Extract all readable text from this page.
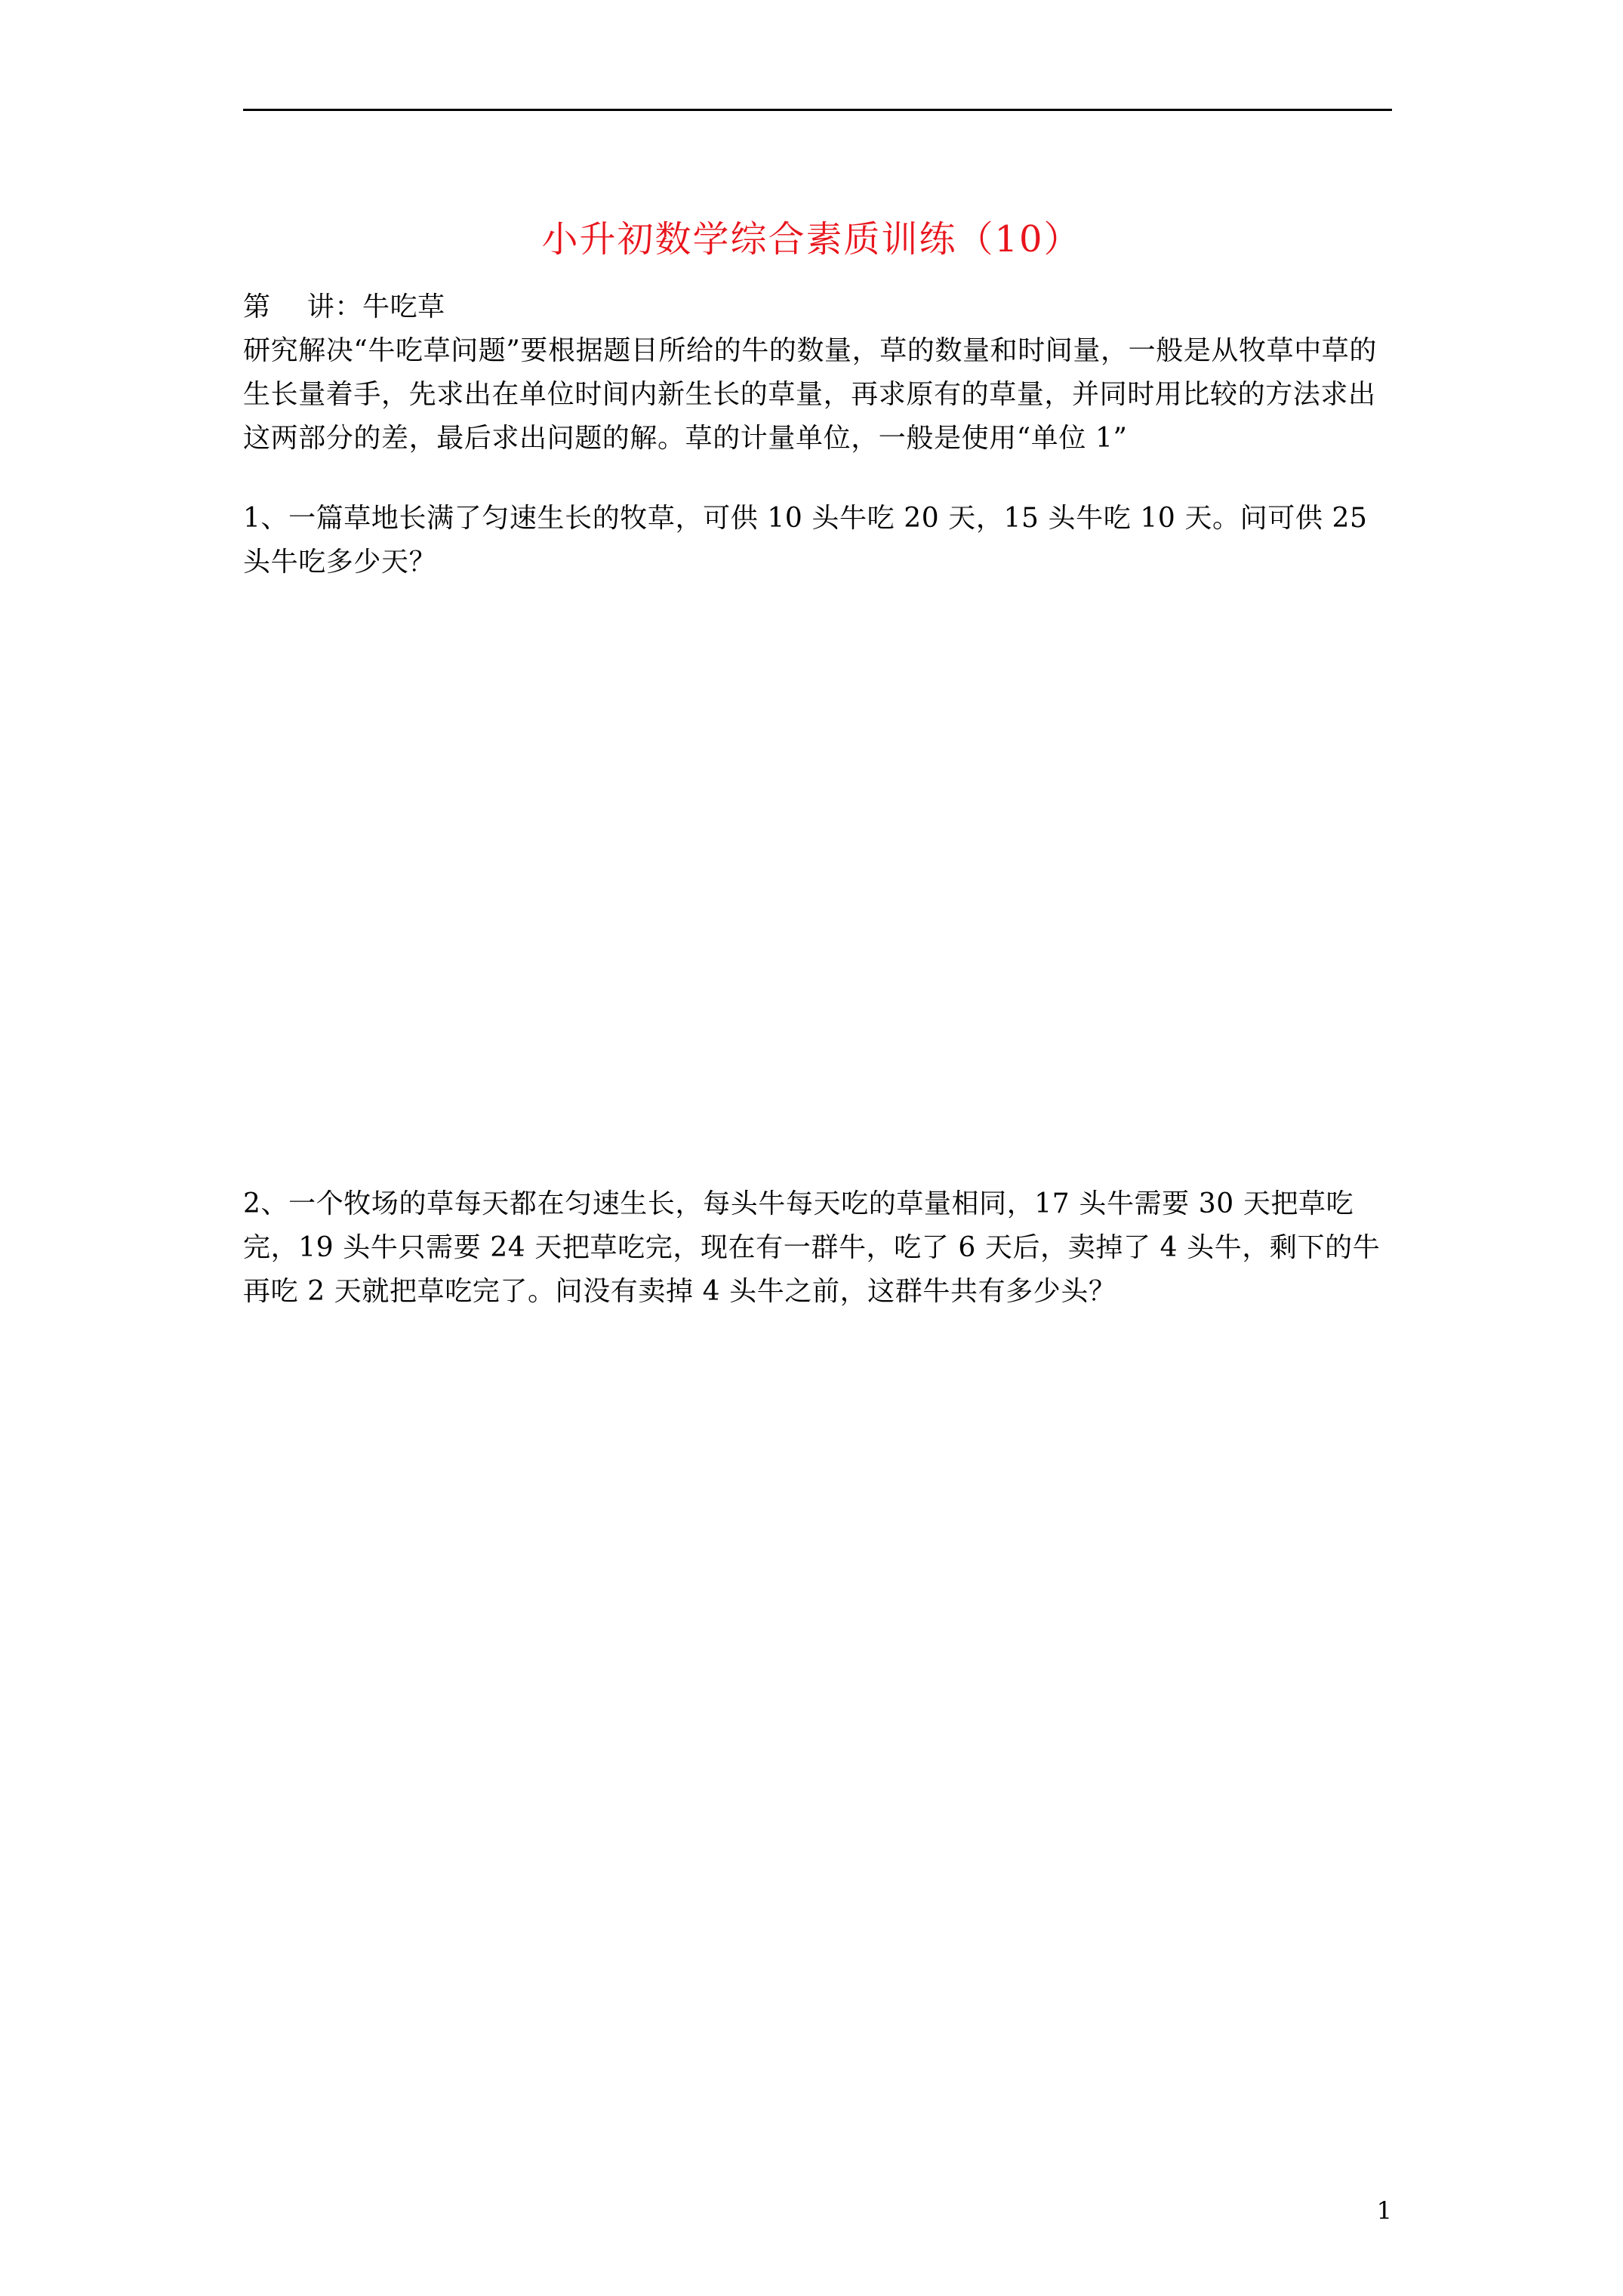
小升初数学综合素质训练（10）
第    讲：牛吃草
研究解决“牛吃草问题”要根据题目所给的牛的数量，草的数量和时间量，一般是从牧草中草的生长量着手，先求出在单位时间内新生长的草量，再求原有的草量，并同时用比较的方法求出这两部分的差，最后求出问题的解。草的计量单位，一般是使用“单位 1”
1、一篇草地长满了匀速生长的牧草，可供 10 头牛吃 20 天，15 头牛吃 10 天。问可供 25 头牛吃多少天？
2、一个牧场的草每天都在匀速生长，每头牛每天吃的草量相同，17 头牛需要 30 天把草吃完，19 头牛只需要 24 天把草吃完，现在有一群牛，吃了 6 天后，卖掉了 4 头牛，剩下的牛再吃 2 天就把草吃完了。问没有卖掉 4 头牛之前，这群牛共有多少头？
1
